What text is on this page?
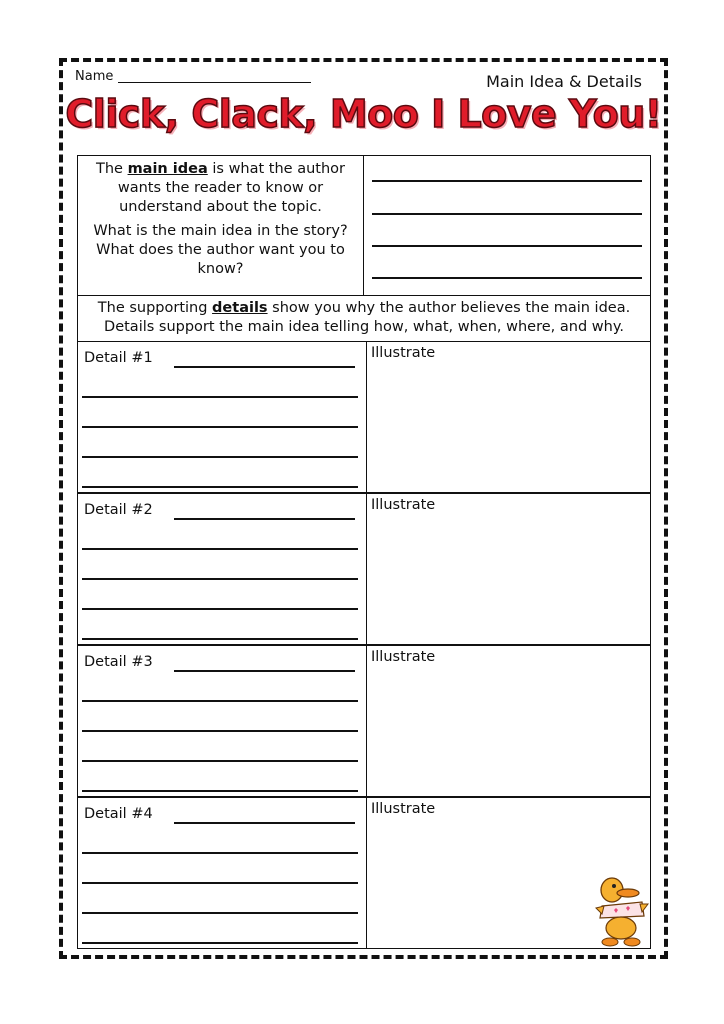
Name	Main Idea & Details
Click, Clack, Moo I Love You!

The main idea is what the author wants the reader to know or understand about the topic.

What is the main idea in the story? What does the author want you to know?

The supporting details show you why the author believes the main idea. Details support the main idea telling how, what, when, where, and why.
Detail #1	Illustrate
Detail #2	Illustrate
Detail #3	Illustrate
Detail #4	Illustrate
